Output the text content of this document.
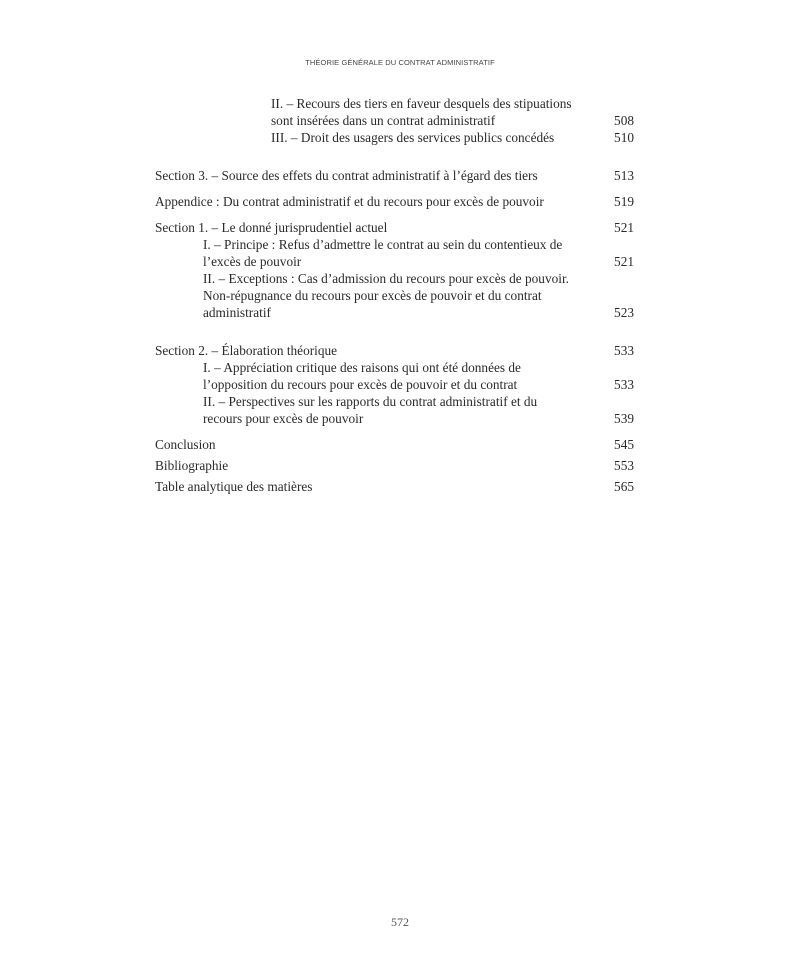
THÉORIE GÉNÉRALE DU CONTRAT ADMINISTRATIF
II. – Recours des tiers en faveur desquels des stipuations
sont insérées dans un contrat administratif	508
III. – Droit des usagers des services publics concédés	510
Section 3. – Source des effets du contrat administratif à l’égard des tiers	513
Appendice : Du contrat administratif et du recours pour excès de pouvoir	519
Section 1. – Le donné jurisprudentiel actuel	521
I. – Principe : Refus d’admettre le contrat au sein du contentieux de
l’excès de pouvoir	521
II. – Exceptions : Cas d’admission du recours pour excès de pouvoir.
Non-répugnance du recours pour excès de pouvoir et du contrat
administratif	523
Section 2. – Élaboration théorique	533
I. – Appréciation critique des raisons qui ont été données de
l’opposition du recours pour excès de pouvoir et du contrat	533
II. – Perspectives sur les rapports du contrat administratif et du
recours pour excès de pouvoir	539
Conclusion	545
Bibliographie	553
Table analytique des matières	565
572
